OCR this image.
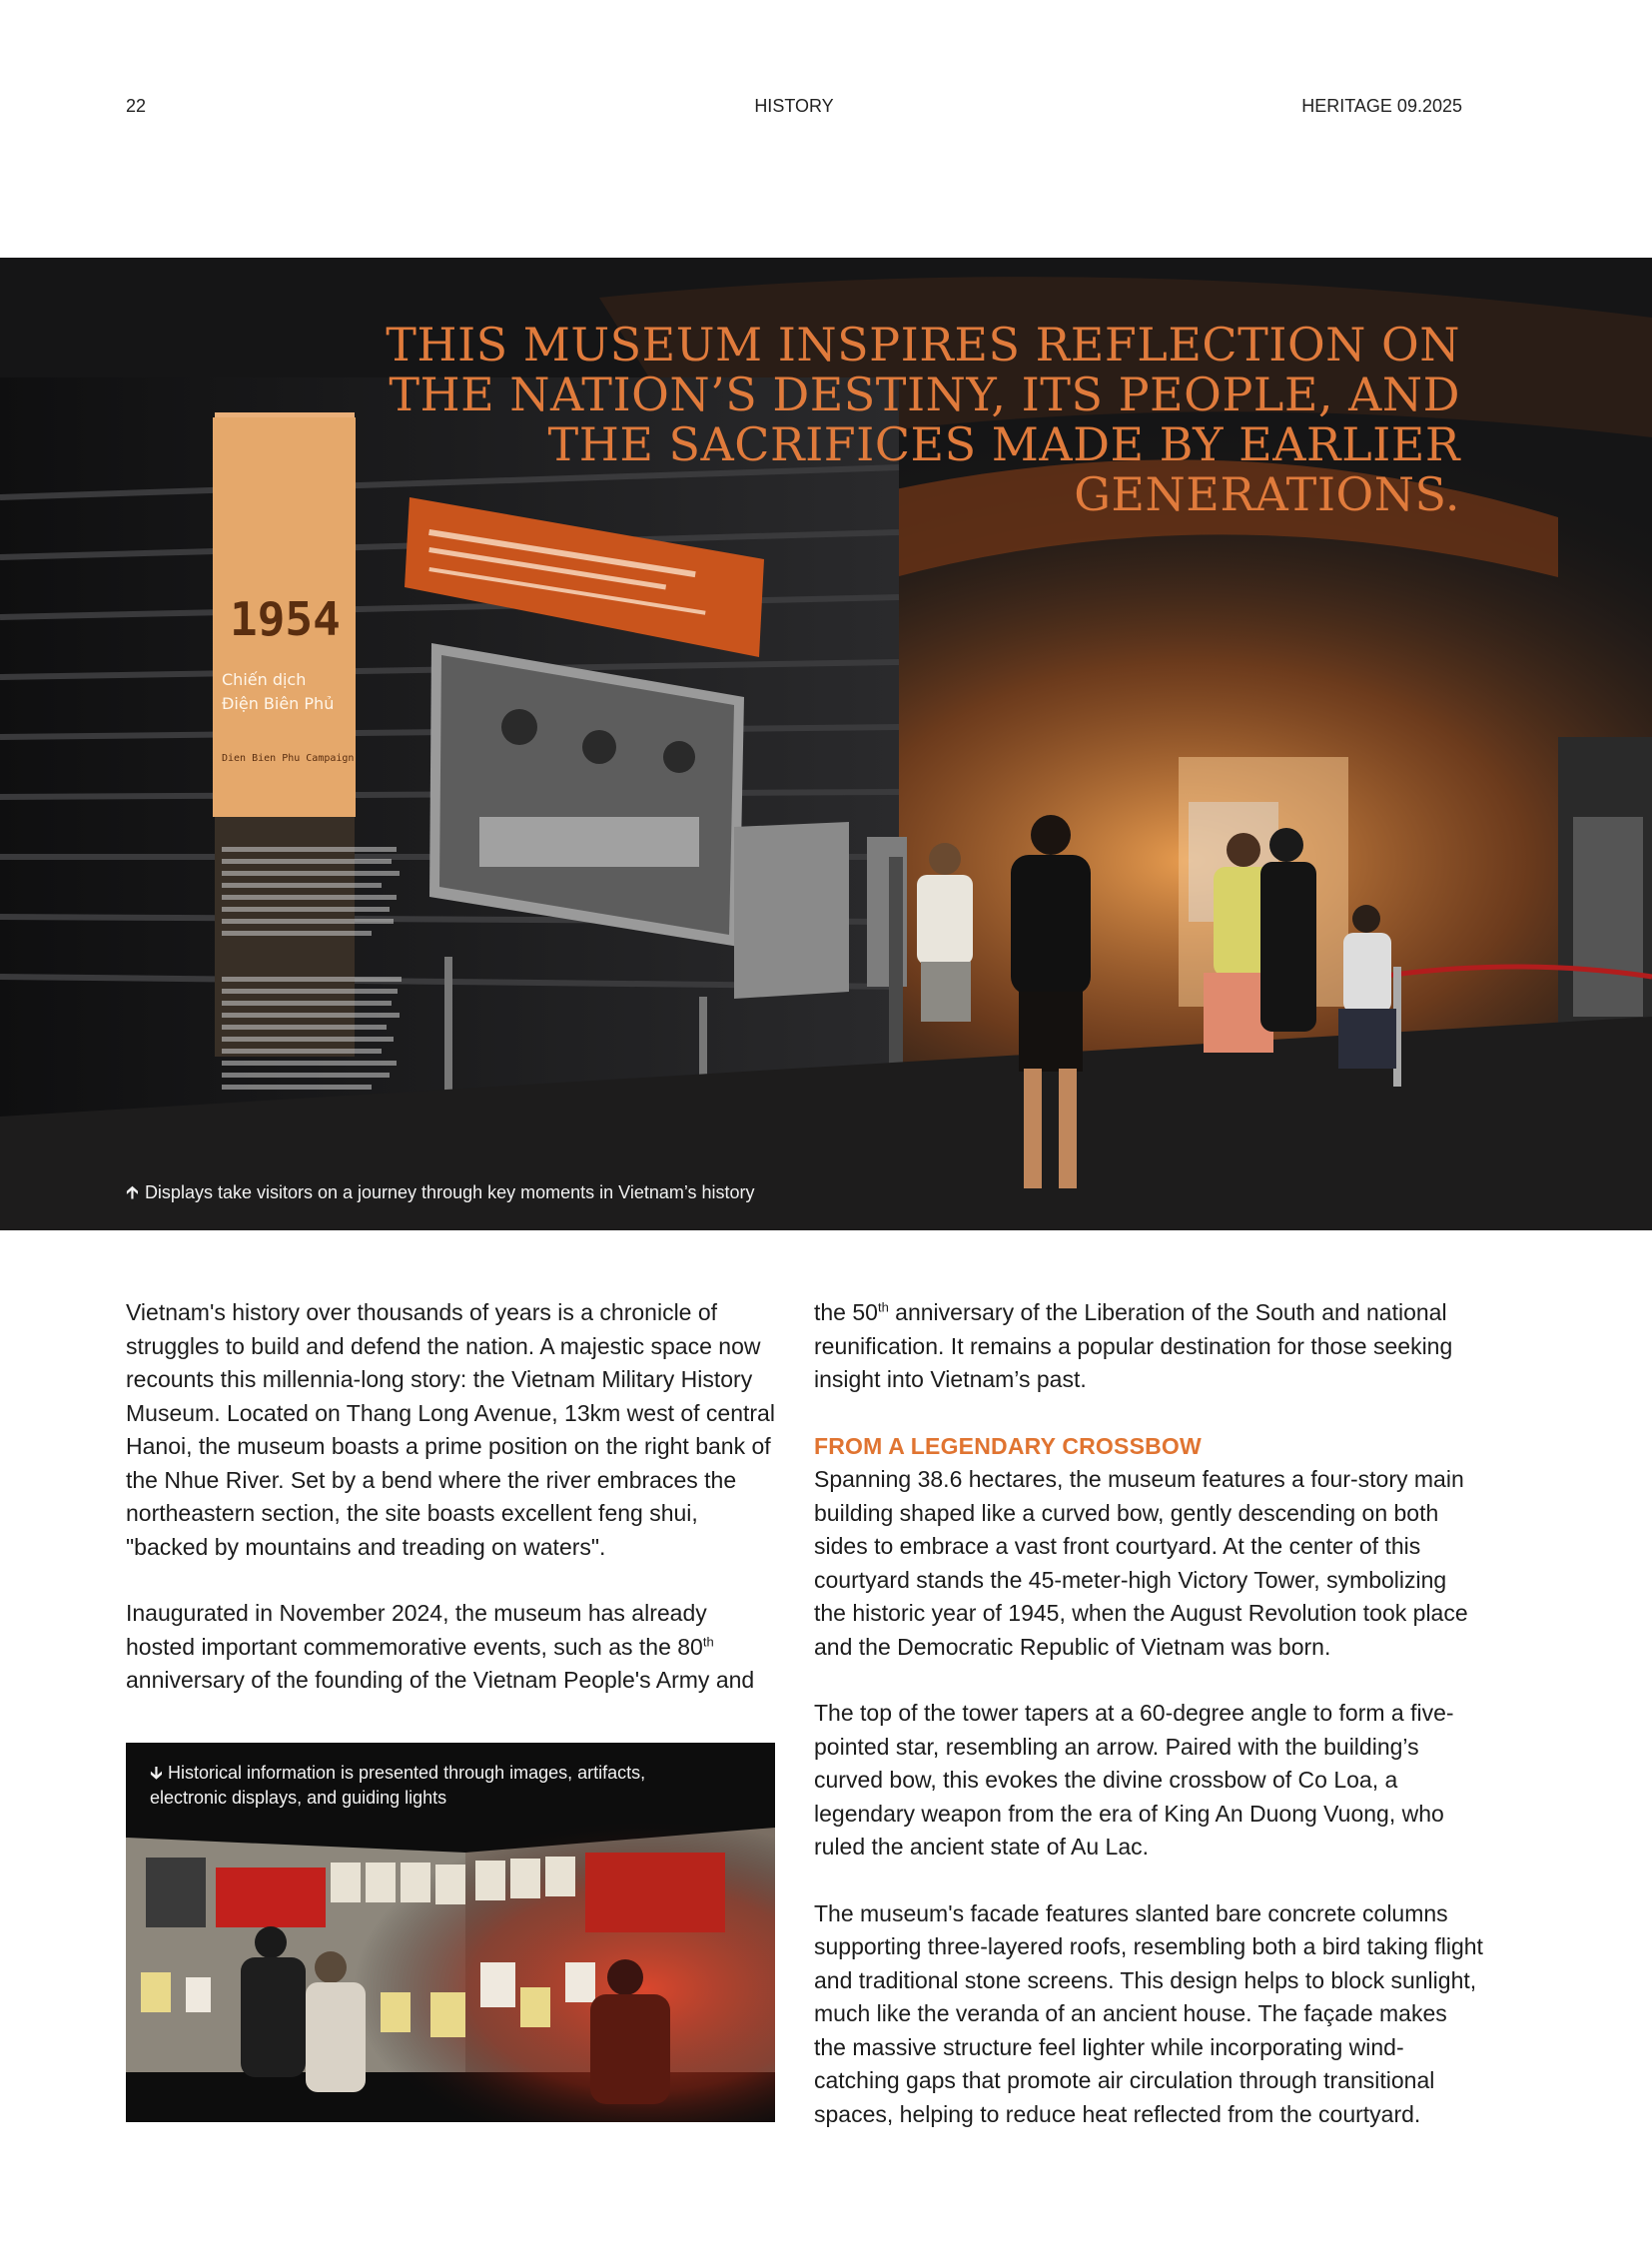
22	HISTORY	HERITAGE 09.2025
1954
Chiến dịch
Điện Biên Phủ
Dien Bien Phu Campaign
THIS MUSEUM INSPIRES REFLECTION ON THE NATION’S DESTINY, ITS PEOPLE, AND THE SACRIFICES MADE BY EARLIER GENERATIONS.
🡱 Displays take visitors on a journey through key moments in Vietnam’s history

Vietnam's history over thousands of years is a chronicle of struggles to build and defend the nation. A majestic space now recounts this millennia-long story: the Vietnam Military History Museum. Located on Thang Long Avenue, 13km west of central Hanoi, the museum boasts a prime position on the right bank of the Nhue River. Set by a bend where the river embraces the northeastern section, the site boasts excellent feng shui, "backed by mountains and treading on waters".

Inaugurated in November 2024, the museum has already hosted important commemorative events, such as the 80th anniversary of the founding of the Vietnam People's Army and

🡳 Historical information is presented through images, artifacts, electronic displays, and guiding lights

the 50th anniversary of the Liberation of the South and national reunification. It remains a popular destination for those seeking insight into Vietnam’s past.

FROM A LEGENDARY CROSSBOW

Spanning 38.6 hectares, the museum features a four-story main building shaped like a curved bow, gently descending on both sides to embrace a vast front courtyard. At the center of this courtyard stands the 45-meter-high Victory Tower, symbolizing the historic year of 1945, when the August Revolution took place and the Democratic Republic of Vietnam was born.

The top of the tower tapers at a 60-degree angle to form a five-pointed star, resembling an arrow. Paired with the building’s curved bow, this evokes the divine crossbow of Co Loa, a legendary weapon from the era of King An Duong Vuong, who ruled the ancient state of Au Lac.

The museum's facade features slanted bare concrete columns supporting three-layered roofs, resembling both a bird taking flight and traditional stone screens. This design helps to block sunlight, much like the veranda of an ancient house. The façade makes the massive structure feel lighter while incorporating wind-catching gaps that promote air circulation through transitional spaces, helping to reduce heat reflected from the courtyard.
